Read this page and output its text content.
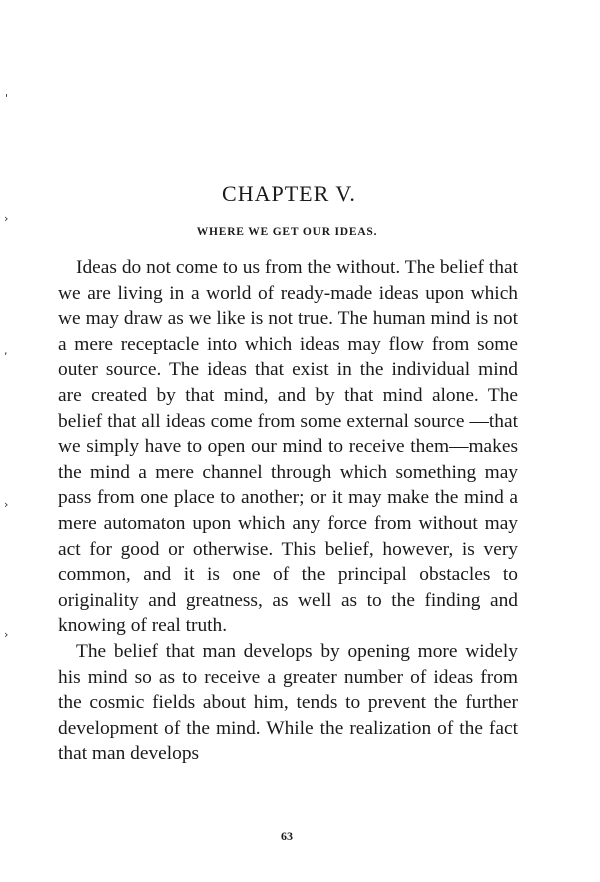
'
›
,
›
›
CHAPTER V.
WHERE WE GET OUR IDEAS.

Ideas do not come to us from the without. The belief that we are living in a world of ready-made ideas upon which we may draw as we like is not true. The human mind is not a mere receptacle into which ideas may flow from some outer source. The ideas that exist in the individual mind are created by that mind, and by that mind alone. The belief that all ideas come from some external source —that we simply have to open our mind to receive them—makes the mind a mere channel through which something may pass from one place to another; or it may make the mind a mere automaton upon which any force from without may act for good or otherwise. This belief, however, is very common, and it is one of the principal obstacles to originality and greatness, as well as to the finding and knowing of real truth.

The belief that man develops by opening more widely his mind so as to receive a greater number of ideas from the cosmic fields about him, tends to prevent the further development of the mind. While the realization of the fact that man develops

63
